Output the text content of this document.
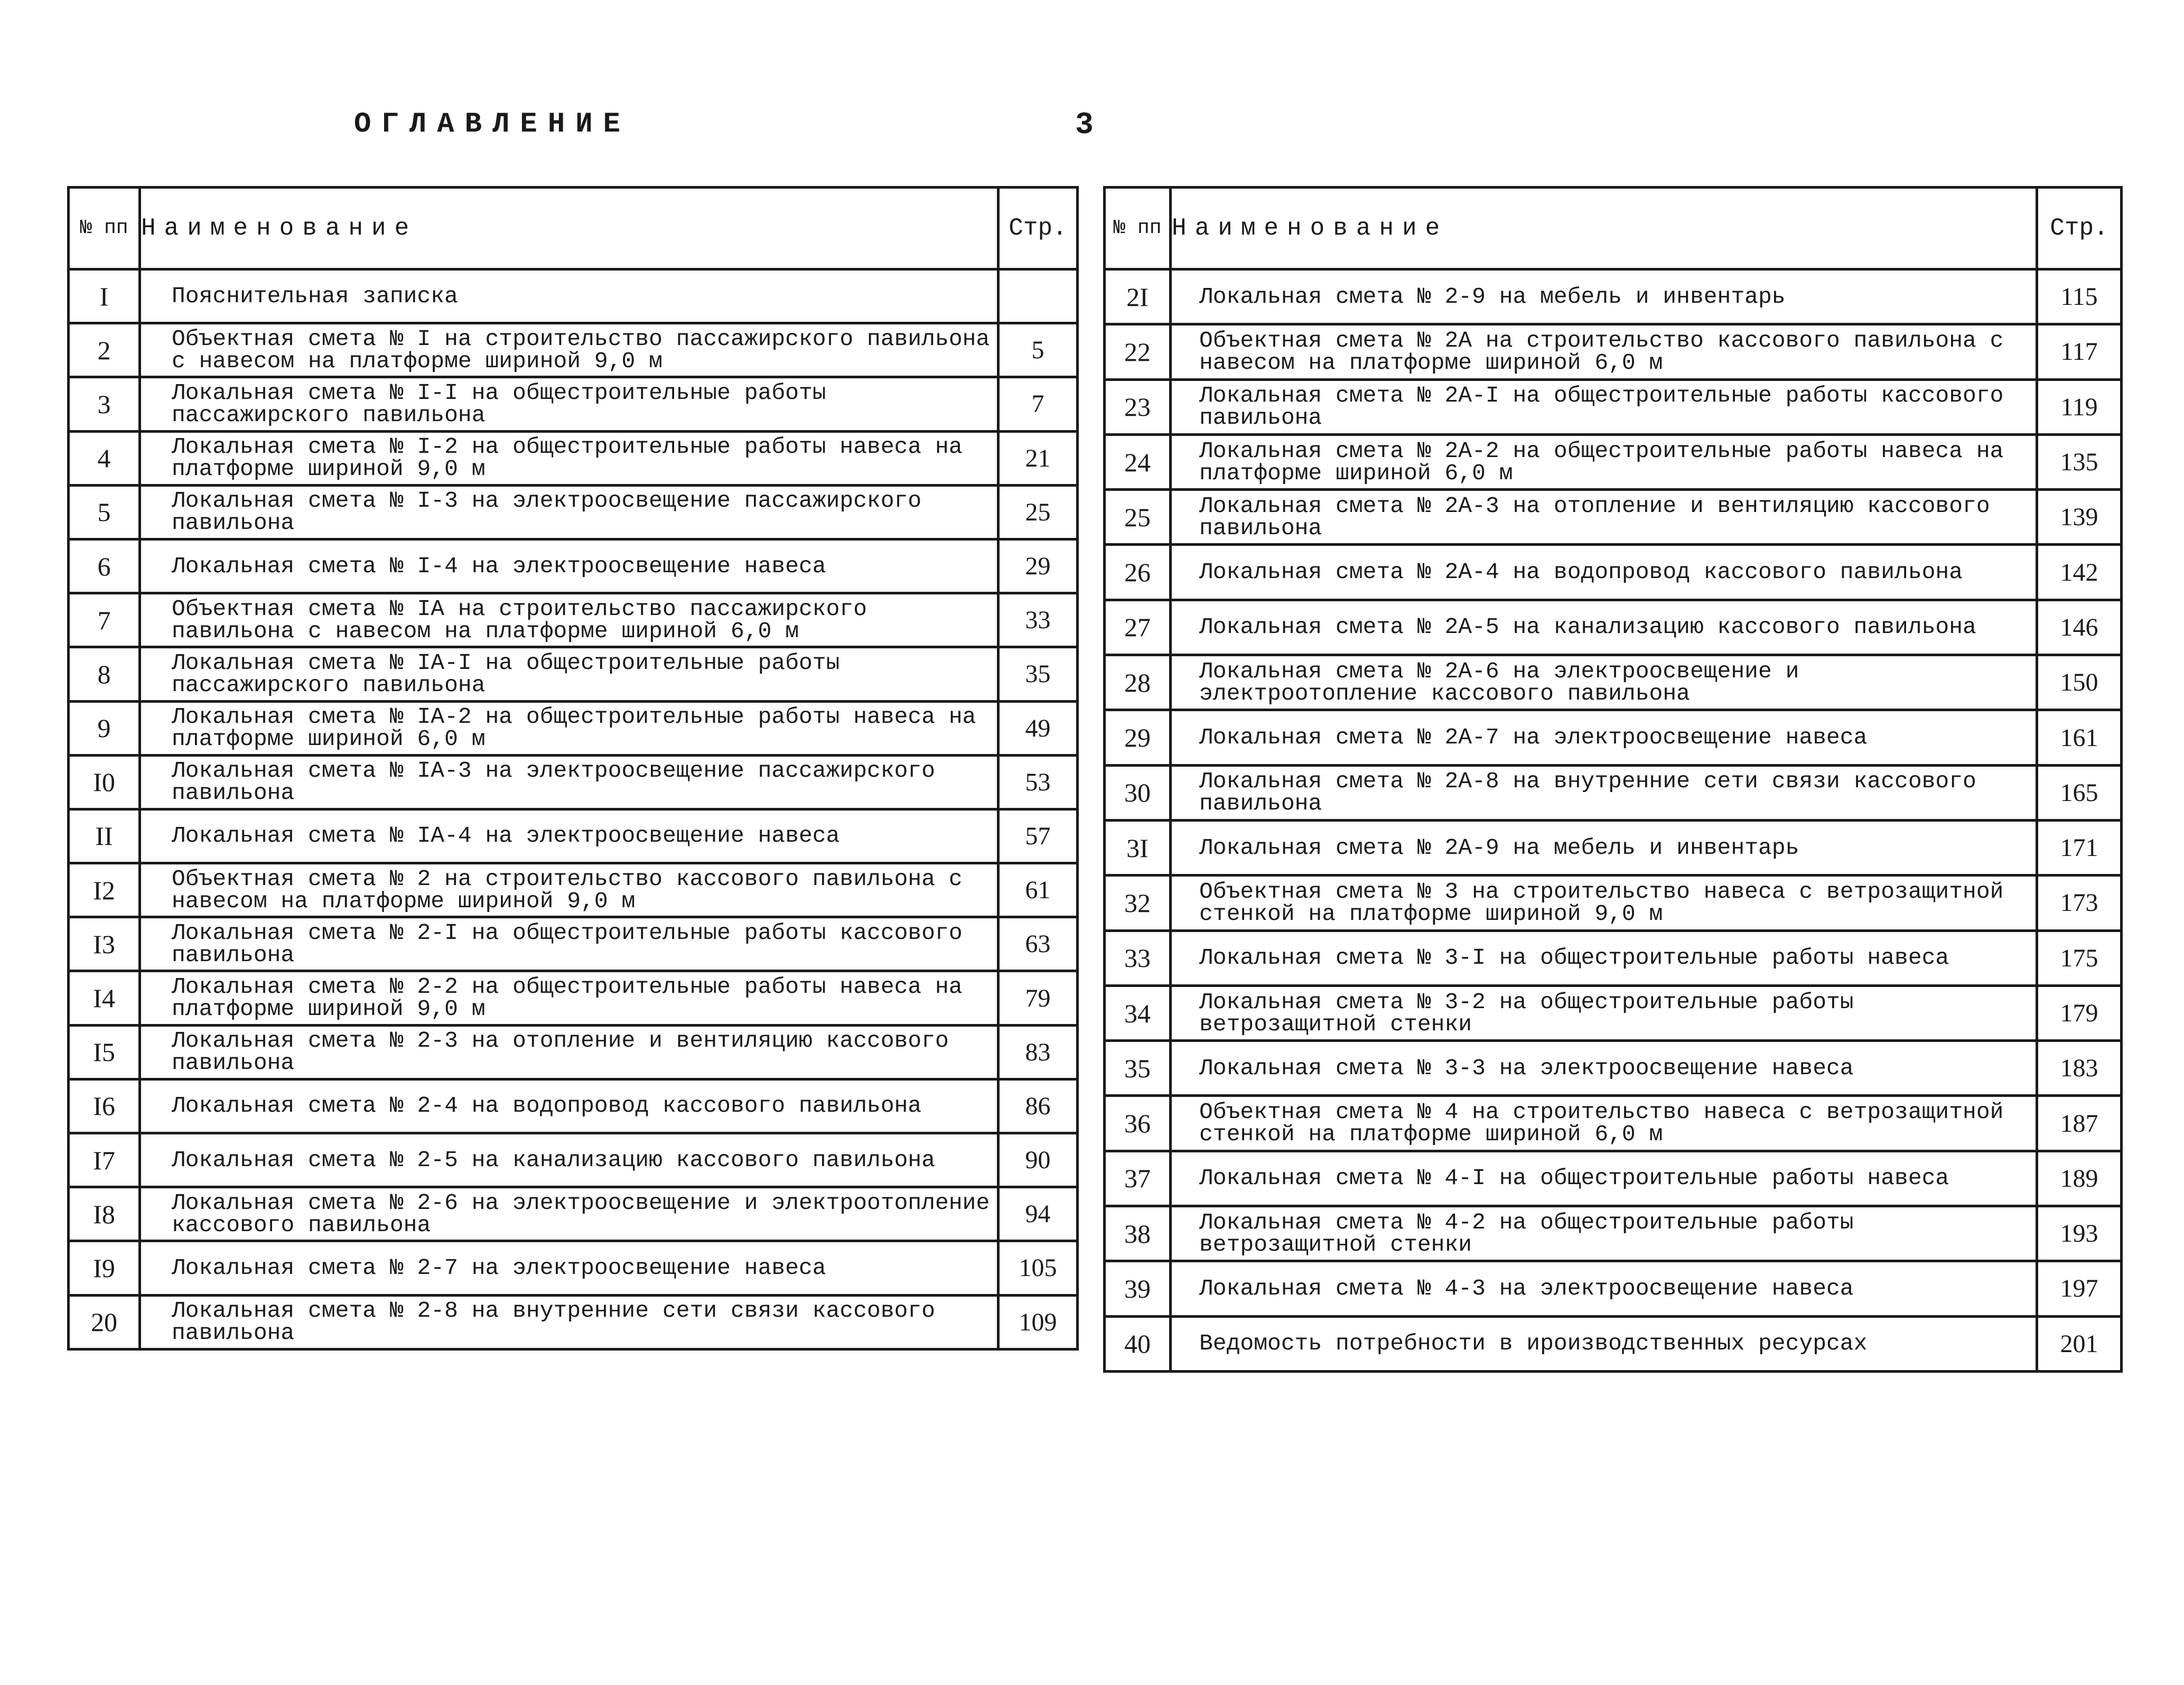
ОГЛАВЛЕНИЕ	3
№ пп	Наименование	Стр.
I	Пояснительная записка	
2	Объектная смета № I на строительство пассажирского павильона с навесом на платформе шириной 9,0 м	5
3	Локальная смета № I-I на общестроительные работы пассажирского павильона	7
4	Локальная смета № I-2 на общестроительные работы навеса на платформе шириной 9,0 м	21
5	Локальная смета № I-3 на электроосвещение пассажирского павильона	25
6	Локальная смета № I-4 на электроосвещение навеса	29
7	Объектная смета № IA на строительство пассажирского павильона с навесом на платформе шириной 6,0 м	33
8	Локальная смета № IA-I на общестроительные работы пассажирского павильона	35
9	Локальная смета № IA-2 на общестроительные работы навеса на платформе шириной 6,0 м	49
I0	Локальная смета № IA-3 на электроосвещение пассажирского павильона	53
II	Локальная смета № IA-4 на электроосвещение навеса	57
I2	Объектная смета № 2 на строительство кассового павильона с навесом на платформе шириной 9,0 м	61
I3	Локальная смета № 2-I на общестроительные работы кассового павильона	63
I4	Локальная смета № 2-2 на общестроительные работы навеса на платформе шириной 9,0 м	79
I5	Локальная смета № 2-3 на отопление и вентиляцию кассового павильона	83
I6	Локальная смета № 2-4 на водопровод кассового павильона	86
I7	Локальная смета № 2-5 на канализацию кассового павильона	90
I8	Локальная смета № 2-6 на электроосвещение и электроотопление кассового павильона	94
I9	Локальная смета № 2-7 на электроосвещение навеса	105
20	Локальная смета № 2-8 на внутренние сети связи кассового павильона	109
№ пп	Наименование	Стр.
2I	Локальная смета № 2-9 на мебель и инвентарь	115
22	Объектная смета № 2А на строительство кассового павильона с навесом на платформе шириной 6,0 м	117
23	Локальная смета № 2А-I на общестроительные работы кассового павильона	119
24	Локальная смета № 2А-2 на общестроительные работы навеса на платформе шириной 6,0 м	135
25	Локальная смета № 2А-3 на отопление и вентиляцию кассового павильона	139
26	Локальная смета № 2А-4 на водопровод кассового павильона	142
27	Локальная смета № 2А-5 на канализацию кассового павильона	146
28	Локальная смета № 2А-6 на электроосвещение и электроотопление кассового павильона	150
29	Локальная смета № 2А-7 на электроосвещение навеса	161
30	Локальная смета № 2А-8 на внутренние сети связи кассового павильона	165
3I	Локальная смета № 2А-9 на мебель и инвентарь	171
32	Объектная смета № 3 на строительство навеса с ветрозащитной стенкой на платформе шириной 9,0 м	173
33	Локальная смета № 3-I на общестроительные работы навеса	175
34	Локальная смета № 3-2 на общестроительные работы ветрозащитной стенки	179
35	Локальная смета № 3-3 на электроосвещение навеса	183
36	Объектная смета № 4 на строительство навеса с ветрозащитной стенкой на платформе шириной 6,0 м	187
37	Локальная смета № 4-I на общестроительные работы навеса	189
38	Локальная смета № 4-2 на общестроительные работы ветрозащитной стенки	193
39	Локальная смета № 4-3 на электроосвещение навеса	197
40	Ведомость потребности в ироизводственных ресурсах	201
